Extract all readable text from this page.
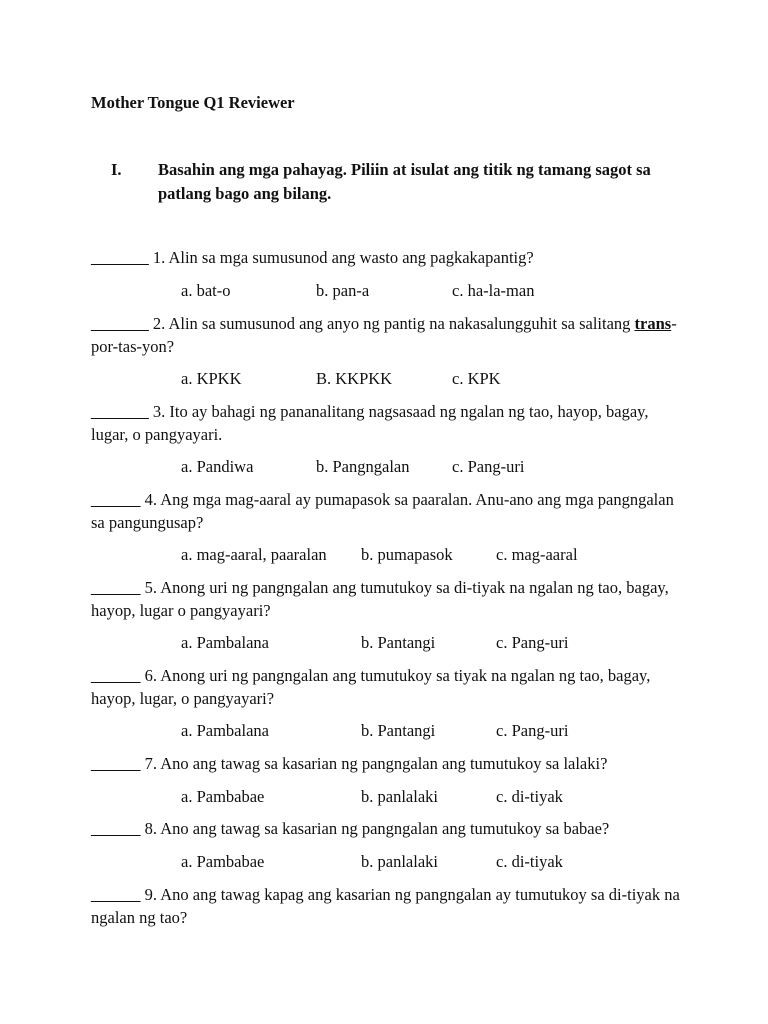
Mother Tongue Q1 Reviewer
I. Basahin ang mga pahayag. Piliin at isulat ang titik ng tamang sagot sa patlang bago ang bilang.
_______ 1. Alin sa mga sumusunod ang wasto ang pagkakapantig?
a. bat-o	b. pan-a	c. ha-la-man
_______ 2. Alin sa sumusunod ang anyo ng pantig na nakasalungguhit sa salitang trans-por-tas-yon?
a. KPKK	B. KKPKK	c. KPK
_______ 3. Ito ay bahagi ng pananalitang nagsasaad ng ngalan ng tao, hayop, bagay, lugar, o pangyayari.
a. Pandiwa	b. Pangngalan	c. Pang-uri
______ 4. Ang mga mag-aaral ay pumapasok sa paaralan. Anu-ano ang mga pangngalan sa pangungusap?
a. mag-aaral, paaralan b. pumapasok	c. mag-aaral
______ 5. Anong uri ng pangngalan ang tumutukoy sa di-tiyak na ngalan ng tao, bagay, hayop, lugar o pangyayari?
a. Pambalana	b. Pantangi	c. Pang-uri
______ 6. Anong uri ng pangngalan ang tumutukoy sa tiyak na ngalan ng tao, bagay, hayop, lugar, o pangyayari?
a. Pambalana	b. Pantangi	c. Pang-uri
______ 7. Ano ang tawag sa kasarian ng pangngalan ang tumutukoy sa lalaki?
a. Pambabae	b. panlalaki	c. di-tiyak
______ 8. Ano ang tawag sa kasarian ng pangngalan ang tumutukoy sa babae?
a. Pambabae	b. panlalaki	c. di-tiyak
______ 9. Ano ang tawag kapag ang kasarian ng pangngalan ay tumutukoy sa di-tiyak na ngalan ng tao?
